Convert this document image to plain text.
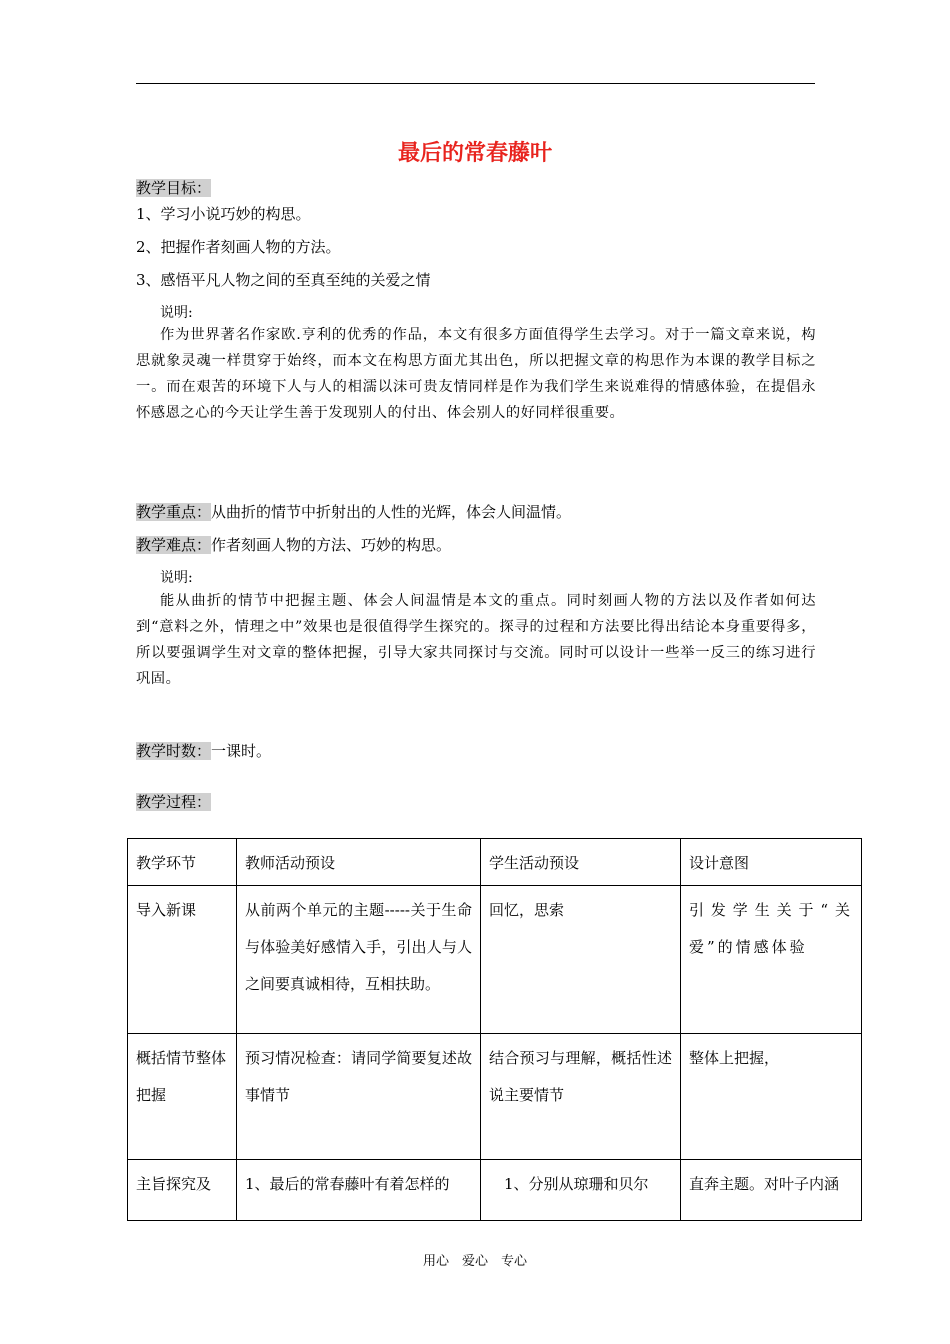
最后的常春藤叶
教学目标：
1、学习小说巧妙的构思。
2、把握作者刻画人物的方法。
3、感悟平凡人物之间的至真至纯的关爱之情
说明:
作为世界著名作家欧.亨利的优秀的作品，本文有很多方面值得学生去学习。对于一篇文章来说，构思就象灵魂一样贯穿于始终，而本文在构思方面尤其出色，所以把握文章的构思作为本课的教学目标之一。而在艰苦的环境下人与人的相濡以沫可贵友情同样是作为我们学生来说难得的情感体验，在提倡永怀感恩之心的今天让学生善于发现别人的付出、体会别人的好同样很重要。
教学重点：从曲折的情节中折射出的人性的光辉，体会人间温情。
教学难点：作者刻画人物的方法、巧妙的构思。
说明:
能从曲折的情节中把握主题、体会人间温情是本文的重点。同时刻画人物的方法以及作者如何达到“意料之外，情理之中”效果也是很值得学生探究的。探寻的过程和方法要比得出结论本身重要得多，所以要强调学生对文章的整体把握，引导大家共同探讨与交流。同时可以设计一些举一反三的练习进行巩固。
教学时数：一课时。
教学过程：
教学环节	教师活动预设	学生活动预设	设计意图
导入新课	从前两个单元的主题-----关于生命与体验美好感情入手，引出人与人之间要真诚相待，互相扶助。	回忆，思索	引发学生关于“关爱”的情感体验
概括情节整体把握	预习情况检查：请同学简要复述故事情节	结合预习与理解，概括性述说主要情节	整体上把握，
主旨探究及	1、最后的常春藤叶有着怎样的	　1、分别从琼珊和贝尔	直奔主题。对叶子内涵
用心　爱心　专心
